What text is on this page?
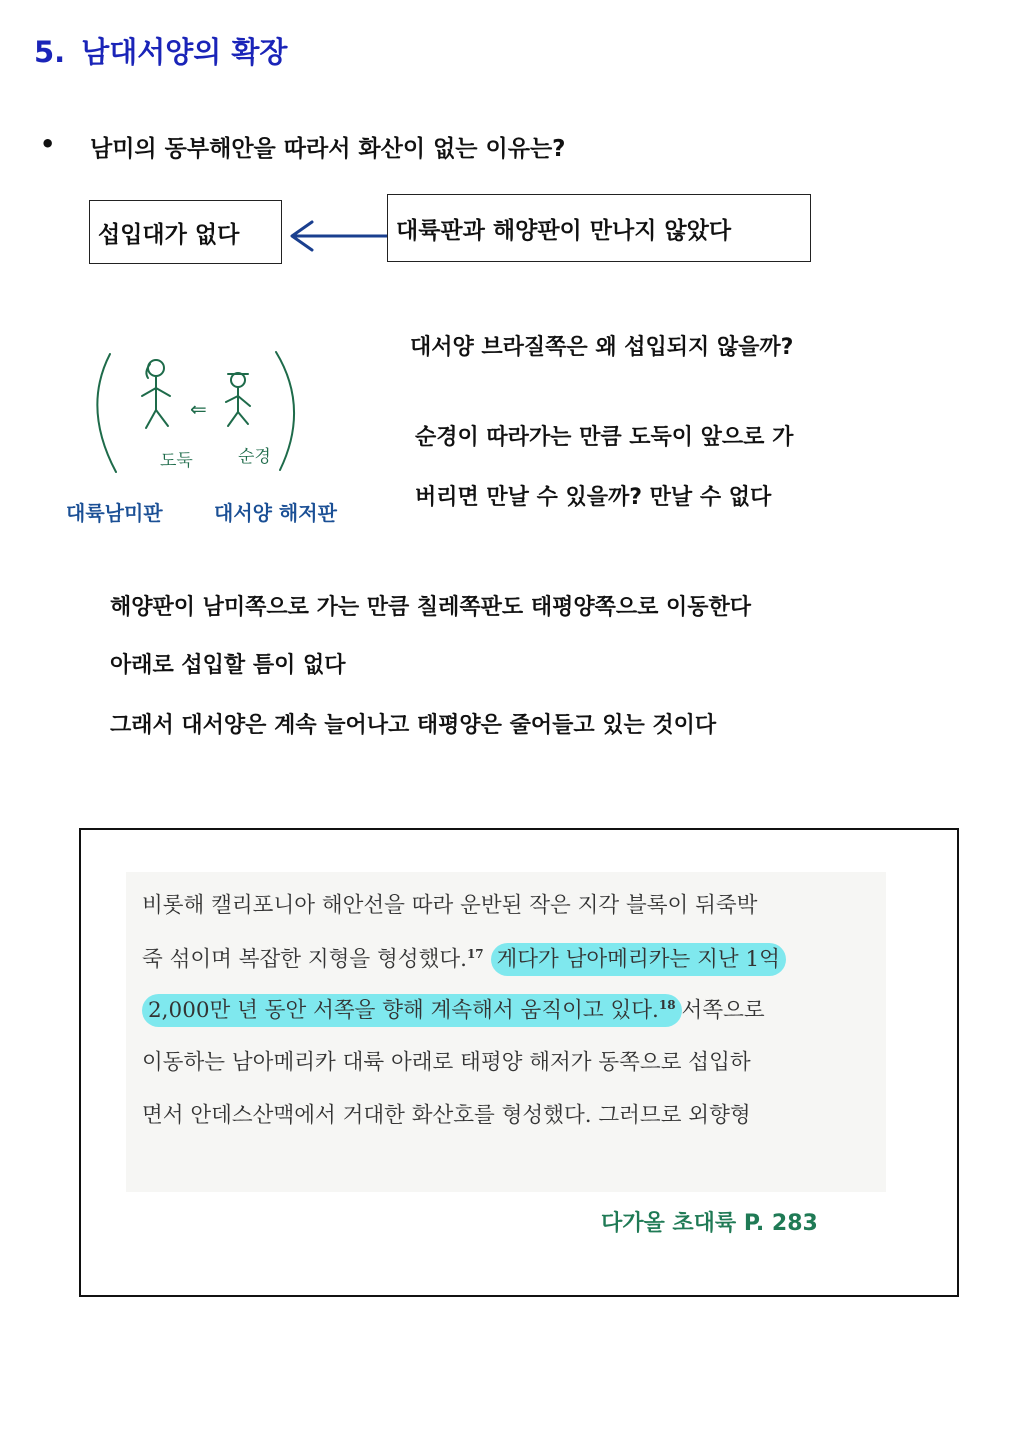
5. 남대서양의 확장
• 남미의 동부해안을 따라서 화산이 없는 이유는?
섭입대가 없다	대륙판과 해양판이 만나지 않았다
대서양 브라질쪽은 왜 섭입되지 않을까?
순경이 따라가는 만큼 도둑이 앞으로 가
버리면 만날 수 있을까? 만날 수 없다
⇐
도둑	순경
대륙남미판	대서양 해저판
해양판이 남미쪽으로 가는 만큼 칠레쪽판도 태평양쪽으로 이동한다
아래로 섭입할 틈이 없다
그래서 대서양은 계속 늘어나고 태평양은 줄어들고 있는 것이다
비롯해 캘리포니아 해안선을 따라 운반된 작은 지각 블록이 뒤죽박
죽 섞이며 복잡한 지형을 형성했다.$^{17}$ 게다가 남아메리카는 지난 1억
2,000만 년 동안 서쪽을 향해 계속해서 움직이고 있다.$^{18}$ 서쪽으로
이동하는 남아메리카 대륙 아래로 태평양 해저가 동쪽으로 섭입하
면서 안데스산맥에서 거대한 화산호를 형성했다. 그러므로 외향형
다가올 초대륙 P. 283
